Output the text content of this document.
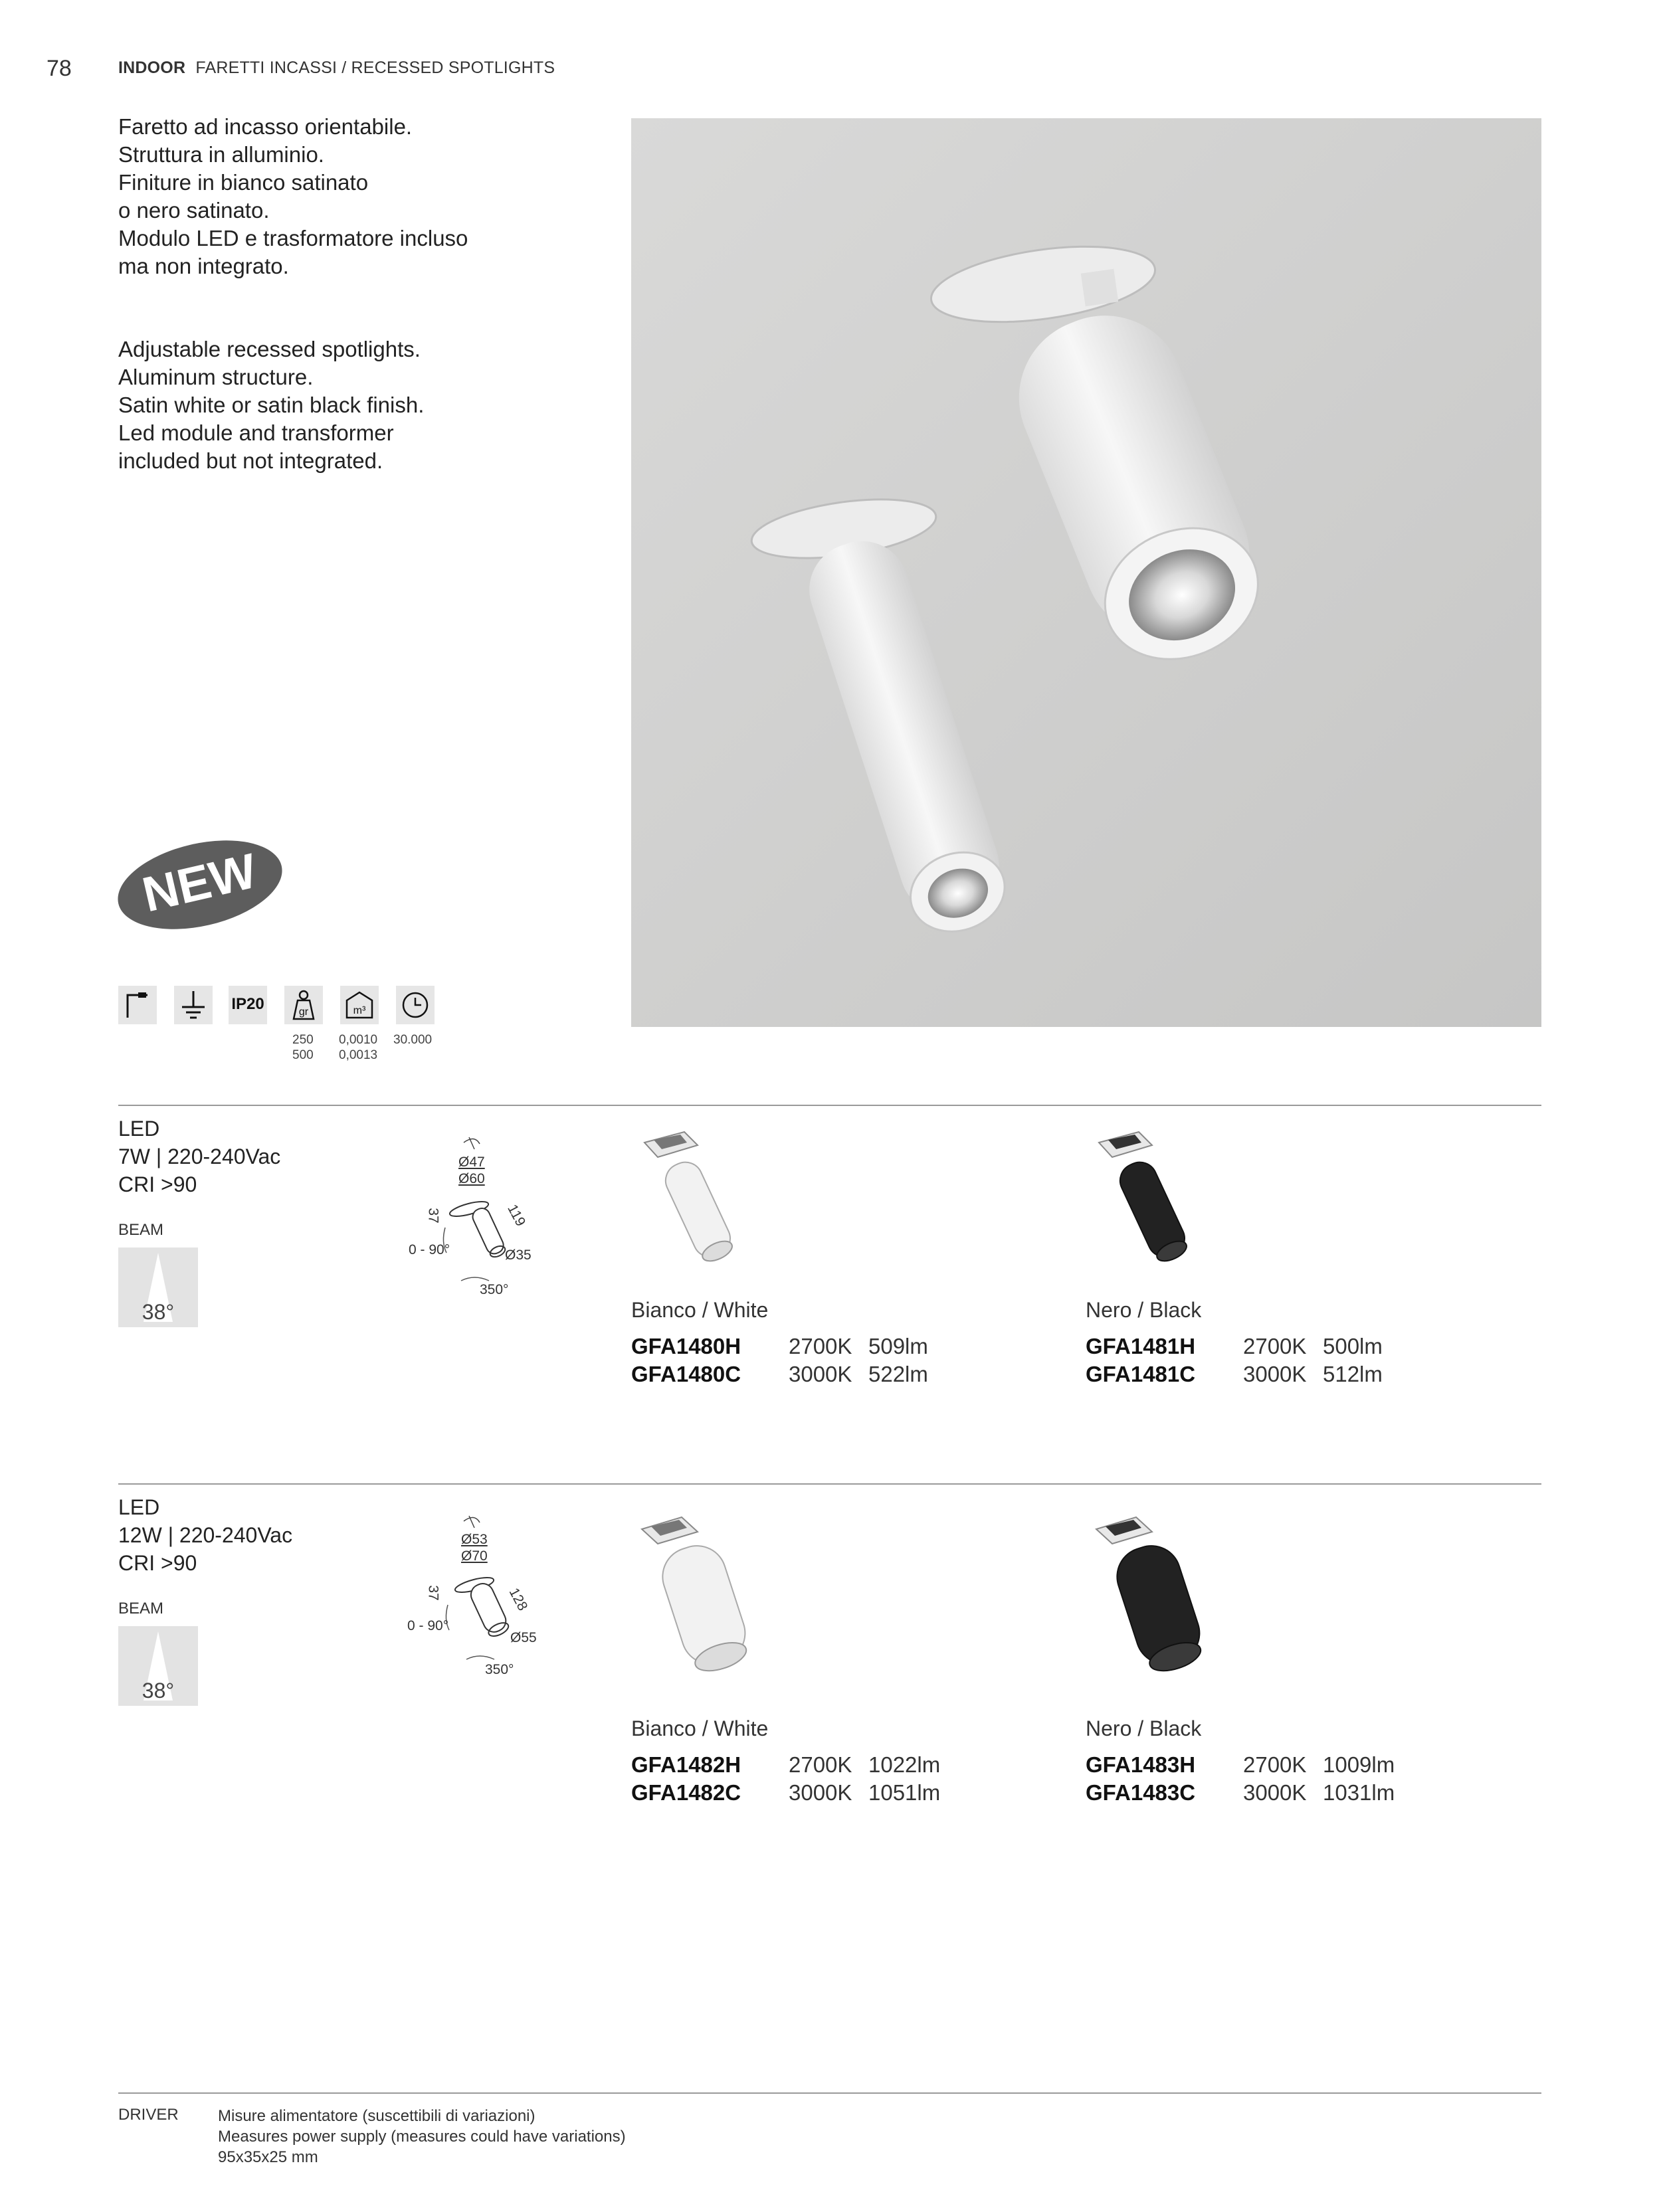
78	INDOOR FARETTI INCASSI / RECESSED SPOTLIGHTS
Faretto ad incasso orientabile.
Struttura in alluminio.
Finiture in bianco satinato
o nero satinato.
Modulo LED e trasformatore incluso
ma non integrato.
Adjustable recessed spotlights.
Aluminum structure.
Satin white or satin black finish.
Led module and transformer
included but not integrated.
NEW
IP20	gr	m³
250
500
0,0010
0,0013
30.000
LED
7W | 220-240Vac
CRI >90
BEAM
38°
Ø47
Ø60
37	119
0 - 90°	Ø35
350°
Bianco / White
GFA1480H 2700K 509lm
GFA1480C 3000K 522lm
Nero / Black
GFA1481H 2700K 500lm
GFA1481C 3000K 512lm
LED
12W | 220-240Vac
CRI >90
BEAM
38°
Ø53
Ø70
37	128
0 - 90°
Ø55
350°
Bianco / White
GFA1482H 2700K 1022lm
GFA1482C 3000K 1051lm
Nero / Black
GFA1483H 2700K 1009lm
GFA1483C 3000K 1031lm
DRIVER Misure alimentatore (suscettibili di variazioni)
Measures power supply (measures could have variations)
95x35x25 mm
